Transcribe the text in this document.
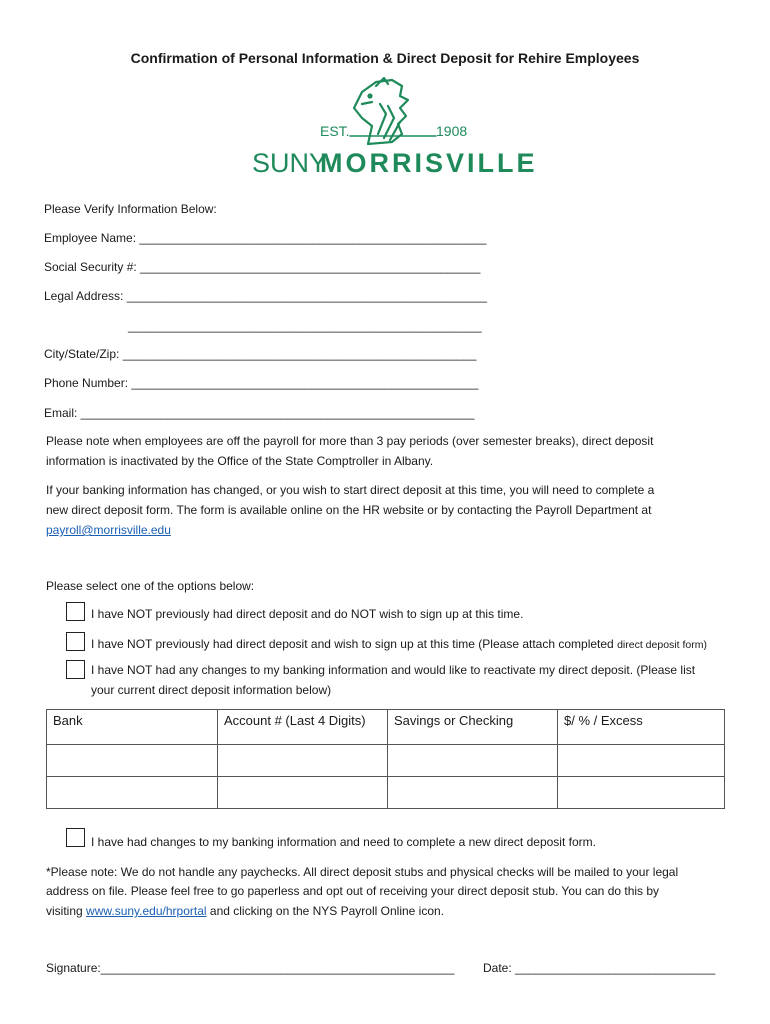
Confirmation of Personal Information & Direct Deposit for Rehire Employees
EST.	1908
SUNY
MORRISVILLE
Please Verify Information Below:
Employee Name: ____________________________________________________
Social Security #: ___________________________________________________
Legal Address: ______________________________________________________
_____________________________________________________
City/State/Zip: _____________________________________________________
Phone Number: ____________________________________________________
Email: ___________________________________________________________
Please note when employees are off the payroll for more than 3 pay periods (over semester breaks), direct deposit
information is inactivated by the Office of the State Comptroller in Albany.
If your banking information has changed, or you wish to start direct deposit at this time, you will need to complete a
new direct deposit form. The form is available online on the HR website or by contacting the Payroll Department at
payroll@morrisville.edu
Please select one of the options below:
I have NOT previously had direct deposit and do NOT wish to sign up at this time.
I have NOT previously had direct deposit and wish to sign up at this time (Please attach completed direct deposit form)
I have NOT had any changes to my banking information and would like to reactivate my direct deposit. (Please list
your current direct deposit information below)
Bank	Account # (Last 4 Digits)	Savings or Checking	$/ % / Excess

I have had changes to my banking information and need to complete a new direct deposit form.
*Please note: We do not handle any paychecks. All direct deposit stubs and physical checks will be mailed to your legal
address on file. Please feel free to go paperless and opt out of receiving your direct deposit stub. You can do this by
visiting www.suny.edu/hrportal and clicking on the NYS Payroll Online icon.
Signature:_____________________________________________________ Date: ______________________________
